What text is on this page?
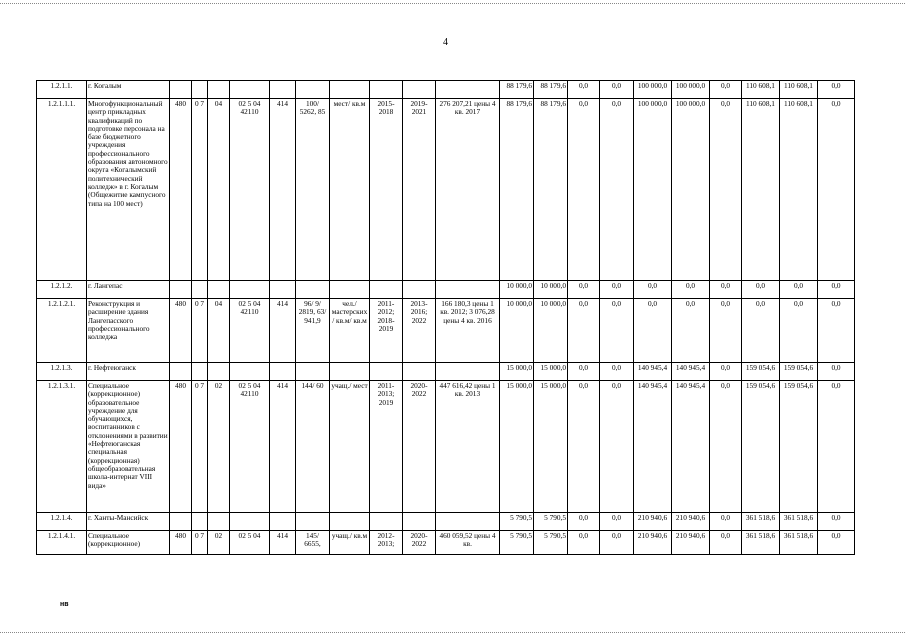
4
1.2.1.1.	г. Когалым											88 179,6	88 179,6	0,0	0,0	100 000,0	100 000,0	0,0	110 608,1	110 608,1	0,0
1.2.1.1.1.	Многофункциональный центр прикладных квалификаций по подготовке персонала на базе бюджетного учреждения профессионального образования автономного округа «Когалымский политехнический колледж» в г. Когалым (Общежитие кампусного типа на 100 мест)	480	0 7	04	02 5 04 42110	414	100/ 5262, 85	мест/ кв.м	2015-2018	2019-2021	276 207,21 цены 4 кв. 2017	88 179,6	88 179,6	0,0	0,0	100 000,0	100 000,0	0,0	110 608,1	110 608,1	0,0
1.2.1.2.	г. Лангепас											10 000,0	10 000,0	0,0	0,0	0,0	0,0	0,0	0,0	0,0	0,0
1.2.1.2.1.	Реконструкция и расширение здания Лангепасского профессионального колледжа	480	0 7	04	02 5 04 42110	414	96/ 9/ 2819, 63/ 941,9	чел./ мастерских/ кв.м/ кв.м	2011-2012; 2018-2019	2013-2016; 2022	166 180,3 цены 1 кв. 2012; 3 076,28 цены 4 кв. 2016	10 000,0	10 000,0	0,0	0,0	0,0	0,0	0,0	0,0	0,0	0,0
1.2.1.3.	г. Нефтеюганск											15 000,0	15 000,0	0,0	0,0	140 945,4	140 945,4	0,0	159 054,6	159 054,6	0,0
1.2.1.3.1.	Специальное (коррекционное) образовательное учреждение для обучающихся, воспитанников с отклонениями в развитии «Нефтеюганская специальная (коррекционная) общеобразовательная школа-интернат VIII вида»	480	0 7	02	02 5 04 42110	414	144/ 60	учащ./ мест	2011-2013; 2019	2020-2022	447 616,42 цены 1 кв. 2013	15 000,0	15 000,0	0,0	0,0	140 945,4	140 945,4	0,0	159 054,6	159 054,6	0,0
1.2.1.4.	г. Ханты-Мансийск											5 790,5	5 790,5	0,0	0,0	210 940,6	210 940,6	0,0	361 518,6	361 518,6	0,0
1.2.1.4.1.	Специальное (коррекционное)	480	0 7	02	02 5 04	414	145/ 6655,	учащ./ кв.м	2012-2013;	2020-2022	460 059,52 цены 4 кв.	5 790,5	5 790,5	0,0	0,0	210 940,6	210 940,6	0,0	361 518,6	361 518,6	0,0
нв
